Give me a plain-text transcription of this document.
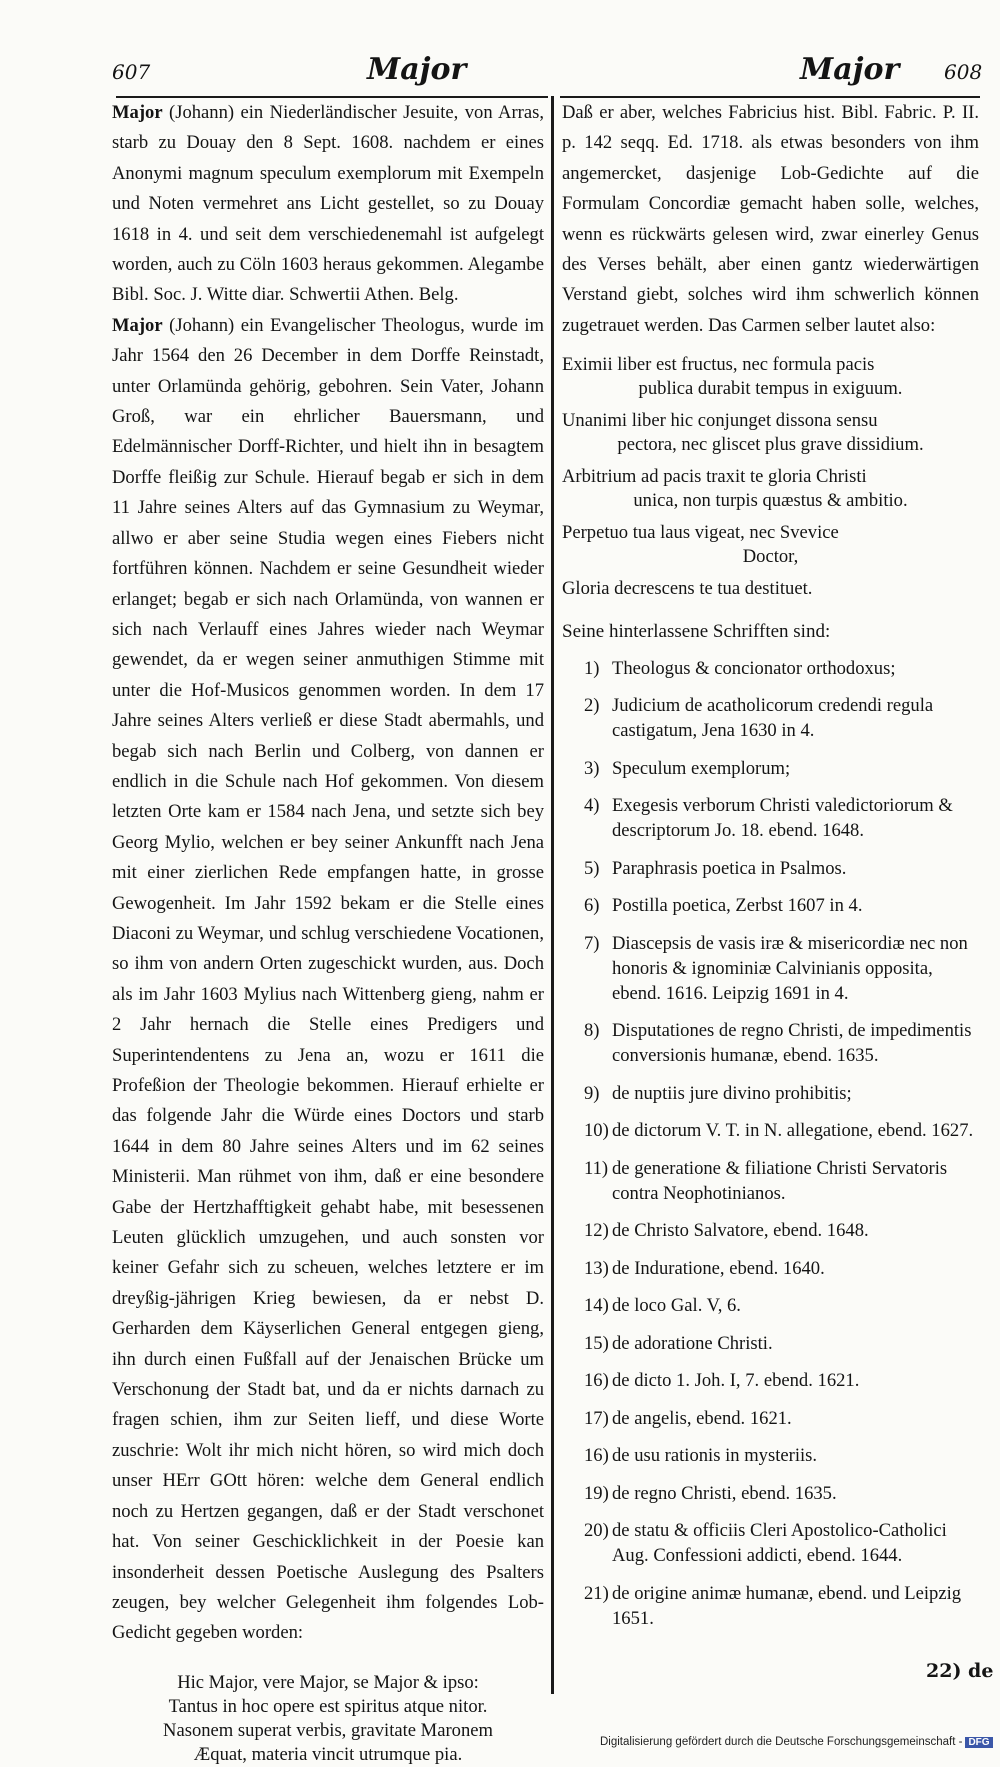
607	Major	Major 608

Major (Johann) ein Niederländischer Jesuite, von Arras, starb zu Douay den 8 Sept. 1608. nachdem er eines Anonymi magnum speculum exemplorum mit Exempeln und Noten vermehret ans Licht gestellet, so zu Douay 1618 in 4. und seit dem verschiedenemahl ist aufgelegt worden, auch zu Cöln 1603 heraus gekommen. Alegambe Bibl. Soc. J. Witte diar. Schwertii Athen. Belg.

Major (Johann) ein Evangelischer Theologus, wurde im Jahr 1564 den 26 December in dem Dorffe Reinstadt, unter Orlamünda gehörig, gebohren. Sein Vater, Johann Groß, war ein ehrlicher Bauersmann, und Edelmännischer Dorff-Richter, und hielt ihn in besagtem Dorffe fleißig zur Schule. Hierauf begab er sich in dem 11 Jahre seines Alters auf das Gymnasium zu Weymar, allwo er aber seine Studia wegen eines Fiebers nicht fortführen können. Nachdem er seine Gesundheit wieder erlanget; begab er sich nach Orlamünda, von wannen er sich nach Verlauff eines Jahres wieder nach Weymar gewendet, da er wegen seiner anmuthigen Stimme mit unter die Hof-Musicos genommen worden. In dem 17 Jahre seines Alters verließ er diese Stadt abermahls, und begab sich nach Berlin und Colberg, von dannen er endlich in die Schule nach Hof gekommen. Von diesem letzten Orte kam er 1584 nach Jena, und setzte sich bey Georg Mylio, welchen er bey seiner Ankunfft nach Jena mit einer zierlichen Rede empfangen hatte, in grosse Gewogenheit. Im Jahr 1592 bekam er die Stelle eines Diaconi zu Weymar, und schlug verschiedene Vocationen, so ihm von andern Orten zugeschickt wurden, aus. Doch als im Jahr 1603 Mylius nach Wittenberg gieng, nahm er 2 Jahr hernach die Stelle eines Predigers und Superintendentens zu Jena an, wozu er 1611 die Profeßion der Theologie bekommen. Hierauf erhielte er das folgende Jahr die Würde eines Doctors und starb 1644 in dem 80 Jahre seines Alters und im 62 seines Ministerii. Man rühmet von ihm, daß er eine besondere Gabe der Hertzhafftigkeit gehabt habe, mit besessenen Leuten glücklich umzugehen, und auch sonsten vor keiner Gefahr sich zu scheuen, welches letztere er im dreyßig-jährigen Krieg bewiesen, da er nebst D. Gerharden dem Käyserlichen General entgegen gieng, ihn durch einen Fußfall auf der Jenaischen Brücke um Verschonung der Stadt bat, und da er nichts darnach zu fragen schien, ihm zur Seiten lieff, und diese Worte zuschrie: Wolt ihr mich nicht hören, so wird mich doch unser HErr GOtt hören: welche dem General endlich noch zu Hertzen gegangen, daß er der Stadt verschonet hat. Von seiner Geschicklichkeit in der Poesie kan insonderheit dessen Poetische Auslegung des Psalters zeugen, bey welcher Gelegenheit ihm folgendes Lob-Gedicht gegeben worden:

Hic Major, vere Major, se Major & ipso:
Tantus in hoc opere est spiritus atque nitor.
Nasonem superat verbis, gravitate Maronem
Æquat, materia vincit utrumque pia.

Daß er aber, welches Fabricius hist. Bibl. Fabric. P. II. p. 142 seqq. Ed. 1718. als etwas besonders von ihm angemercket, dasjenige Lob-Gedichte auf die Formulam Concordiæ gemacht haben solle, welches, wenn es rückwärts gelesen wird, zwar einerley Genus des Verses behält, aber einen gantz wiederwärtigen Verstand giebt, solches wird ihm schwerlich können zugetrauet werden. Das Carmen selber lautet also:

Eximii liber est fructus, nec formula pacis
publica durabit tempus in exiguum.
Unanimi liber hic conjunget dissona sensu
pectora, nec gliscet plus grave dissidium.
Arbitrium ad pacis traxit te gloria Christi
unica, non turpis quæstus & ambitio.
Perpetuo tua laus vigeat, nec Svevice
Doctor,
Gloria decrescens te tua destituet.
Seine hinterlassene Schrifften sind:
1) Theologus & concionator orthodoxus;
2) Judicium de acatholicorum credendi regula castigatum, Jena 1630 in 4.
3) Speculum exemplorum;
4) Exegesis verborum Christi valedictoriorum & descriptorum Jo. 18. ebend. 1648.
5) Paraphrasis poetica in Psalmos.
6) Postilla poetica, Zerbst 1607 in 4.
7) Diascepsis de vasis iræ & misericordiæ nec non honoris & ignominiæ Calvinianis opposita, ebend. 1616. Leipzig 1691 in 4.
8) Disputationes de regno Christi, de impedimentis conversionis humanæ, ebend. 1635.
9) de nuptiis jure divino prohibitis;
10) de dictorum V. T. in N. allegatione, ebend. 1627.
11) de generatione & filiatione Christi Servatoris contra Neophotinianos.
12) de Christo Salvatore, ebend. 1648.
13) de Induratione, ebend. 1640.
14) de loco Gal. V, 6.
15) de adoratione Christi.
16) de dicto 1. Joh. I, 7. ebend. 1621.
17) de angelis, ebend. 1621.
16) de usu rationis in mysteriis.
19) de regno Christi, ebend. 1635.
20) de statu & officiis Cleri Apostolico-Catholici Aug. Confessioni addicti, ebend. 1644.
21) de origine animæ humanæ, ebend. und Leipzig 1651.
22) de
Digitalisierung gefördert durch die Deutsche Forschungsgemeinschaft - DFG
